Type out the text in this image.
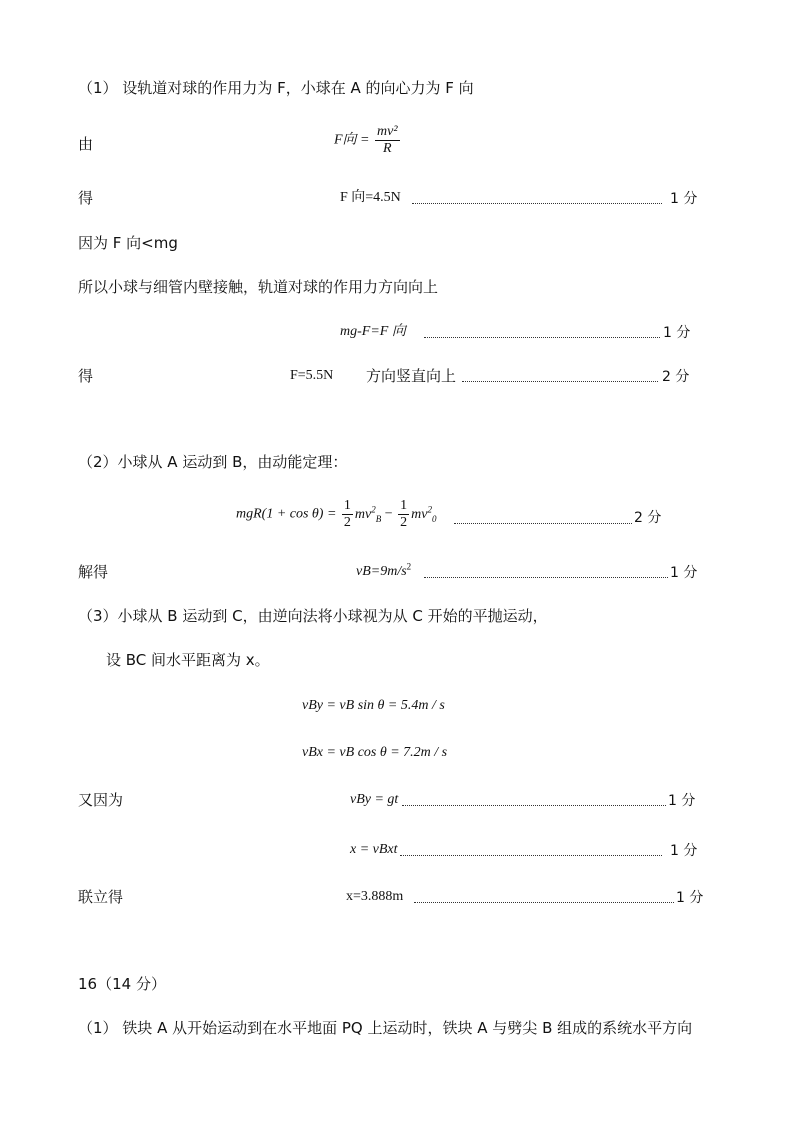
（1） 设轨道对球的作用力为 F，小球在 A 的向心力为 F 向
由	F向 = $\frac{\text{mv²}}{R}$
得	F 向=4.5N	1 分
因为 F 向<mg
所以小球与细管内壁接触，轨道对球的作用力方向向上
mg-F=F 向	1 分
得	F=5.5N 方向竖直向上	2 分
（2）小球从 A 运动到 B，由动能定理：
$mgR(1 + \cos \theta) = \frac{1}{2} mv^2_B - \frac{1}{2} mv^2_0$	2 分
解得	$vB=9m/s^2$	1 分
（3）小球从 B 运动到 C，由逆向法将小球视为从 C 开始的平抛运动，
设 BC 间水平距离为 x。
vBy = vB sin θ = 5.4m / s
vBx = vB cos θ = 7.2m / s
又因为	vBy = gt	1 分
x = vBxt	1 分
联立得	x=3.888m	1 分
16（14 分）
（1） 铁块 A 从开始运动到在水平地面 PQ 上运动时，铁块 A 与劈尖 B 组成的系统水平方向
